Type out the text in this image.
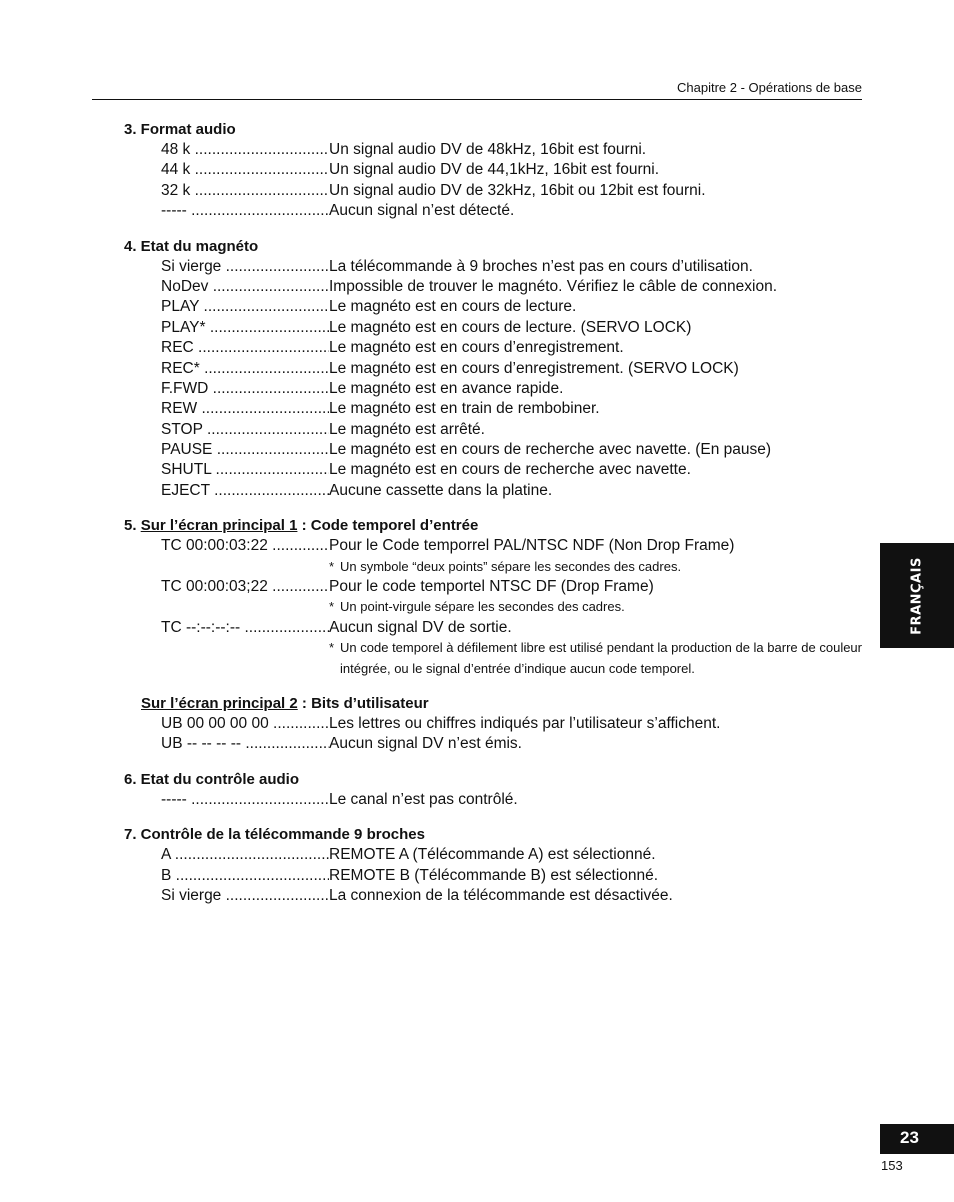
Chapitre 2 - Opérations de base
3. Format audio
48 k .....	Un signal audio DV de 48kHz, 16bit est fourni.
44 k .....	Un signal audio DV de 44,1kHz, 16bit est fourni.
32 k .....	Un signal audio DV de 32kHz, 16bit ou 12bit est fourni.
----- .....	Aucun signal n’est détecté.
4. Etat du magnéto
Si vierge .....	La télécommande à 9 broches n’est pas en cours d’utilisation.
NoDev .....	Impossible de trouver le magnéto. Vérifiez le câble de connexion.
PLAY .....	Le magnéto est en cours de lecture.
PLAY* .....	Le magnéto est en cours de lecture. (SERVO LOCK)
REC .....	Le magnéto est en cours d’enregistrement.
REC* .....	Le magnéto est en cours d’enregistrement. (SERVO LOCK)
F.FWD .....	Le magnéto est en avance rapide.
REW .....	Le magnéto est en train de rembobiner.
STOP .....	Le magnéto est arrêté.
PAUSE .....	Le magnéto est en cours de recherche avec navette. (En pause)
SHUTL .....	Le magnéto est en cours de recherche avec navette.
EJECT .....	Aucune cassette dans la platine.
5. Sur l’écran principal 1 : Code temporel d’entrée
TC 00:00:03:22 .....	Pour le Code temporrel PAL/NTSC NDF (Non Drop Frame)
* Un symbole “deux points” sépare les secondes des cadres.
TC 00:00:03;22 .....	Pour le code temportel NTSC DF (Drop Frame)
* Un point-virgule sépare les secondes des cadres.
TC --:--:--:-- .....	Aucun signal DV de sortie.
* Un code temporel à défilement libre est utilisé pendant la production de la barre de couleur intégrée, ou le signal d’entrée d’indique aucun code temporel.
Sur l’écran principal 2 : Bits d’utilisateur
UB 00 00 00 00 .....	Les lettres ou chiffres indiqués par l’utilisateur s’affichent.
UB -- -- -- -- .....	Aucun signal DV n’est émis.
6. Etat du contrôle audio
----- .....	Le canal n’est pas contrôlé.
7. Contrôle de la télécommande 9 broches
A .....	REMOTE A (Télécommande A) est sélectionné.
B .....	REMOTE B (Télécommande B) est sélectionné.
Si vierge .....	La connexion de la télécommande est désactivée.
FRANÇAIS
23
153
